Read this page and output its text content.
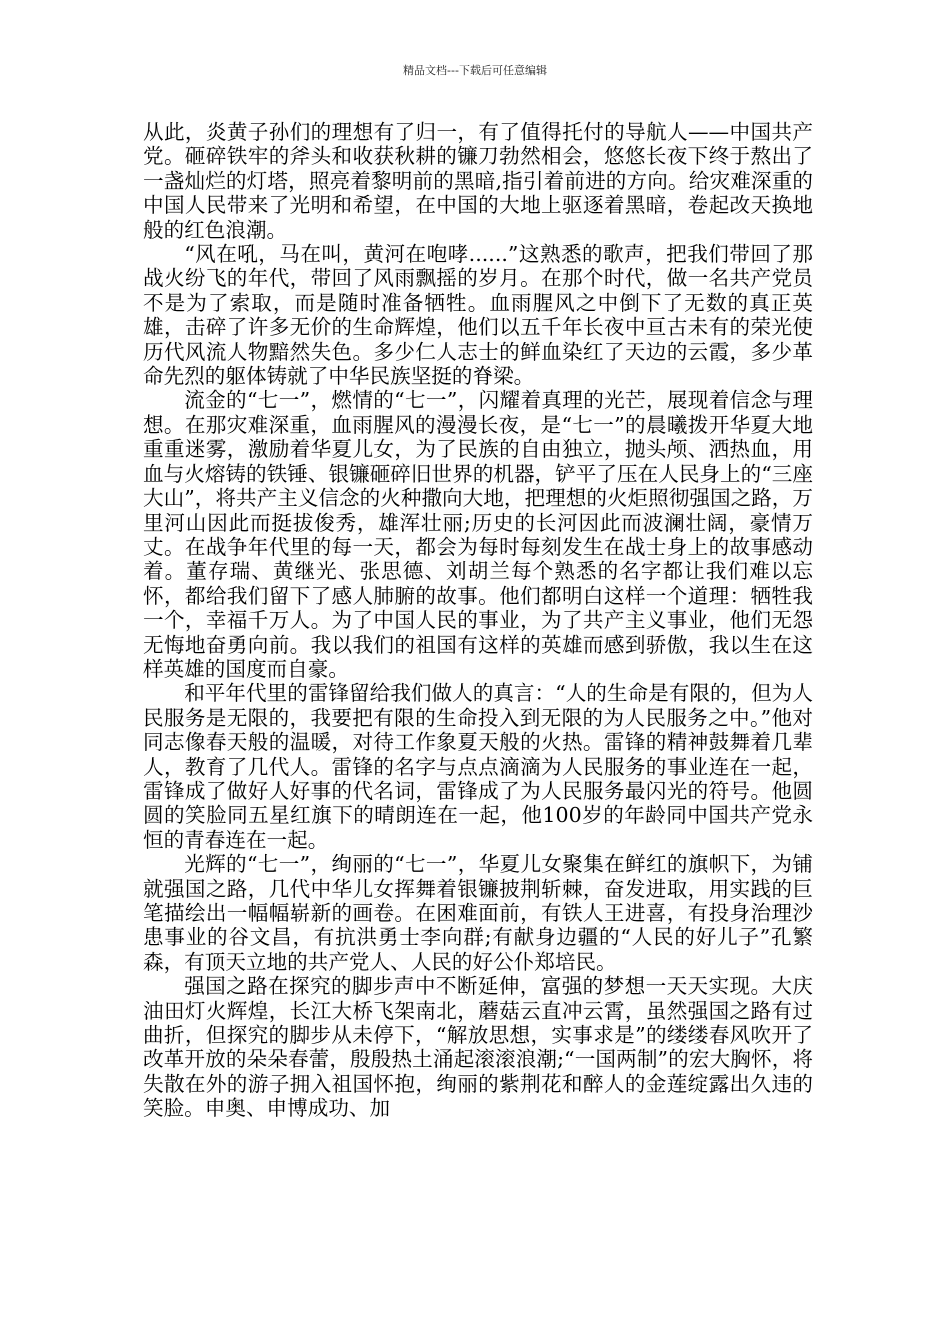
精品文档---下载后可任意编辑

从此，炎黄子孙们的理想有了归一，有了值得托付的导航人——中国共产党。砸碎铁牢的斧头和收获秋耕的镰刀勃然相会，悠悠长夜下终于熬出了一盏灿烂的灯塔，照亮着黎明前的黑暗,指引着前进的方向。给灾难深重的中国人民带来了光明和希望，在中国的大地上驱逐着黑暗，卷起改天换地般的红色浪潮。

“风在吼，马在叫，黄河在咆哮......”这熟悉的歌声，把我们带回了那战火纷飞的年代，带回了风雨飘摇的岁月。在那个时代，做一名共产党员不是为了索取，而是随时准备牺牲。血雨腥风之中倒下了无数的真正英雄，击碎了许多无价的生命辉煌，他们以五千年长夜中亘古未有的荣光使历代风流人物黯然失色。多少仁人志士的鲜血染红了天边的云霞，多少革命先烈的躯体铸就了中华民族坚挺的脊梁。

流金的“七一”，燃情的“七一”，闪耀着真理的光芒，展现着信念与理想。在那灾难深重，血雨腥风的漫漫长夜，是“七一”的晨曦拨开华夏大地重重迷雾，激励着华夏儿女，为了民族的自由独立，抛头颅、洒热血，用血与火熔铸的铁锤、银镰砸碎旧世界的机器，铲平了压在人民身上的“三座大山”，将共产主义信念的火种撒向大地，把理想的火炬照彻强国之路，万里河山因此而挺拔俊秀，雄浑壮丽;历史的长河因此而波澜壮阔，豪情万丈。在战争年代里的每一天，都会为每时每刻发生在战士身上的故事感动着。董存瑞、黄继光、张思德、刘胡兰每个熟悉的名字都让我们难以忘怀，都给我们留下了感人肺腑的故事。他们都明白这样一个道理：牺牲我一个，幸福千万人。为了中国人民的事业，为了共产主义事业，他们无怨无悔地奋勇向前。我以我们的祖国有这样的英雄而感到骄傲，我以生在这样英雄的国度而自豪。

和平年代里的雷锋留给我们做人的真言：“人的生命是有限的，但为人民服务是无限的，我要把有限的生命投入到无限的为人民服务之中。”他对同志像春天般的温暖，对待工作象夏天般的火热。雷锋的精神鼓舞着几辈人，教育了几代人。雷锋的名字与点点滴滴为人民服务的事业连在一起，雷锋成了做好人好事的代名词，雷锋成了为人民服务最闪光的符号。他圆圆的笑脸同五星红旗下的晴朗连在一起，他100岁的年龄同中国共产党永恒的青春连在一起。

光辉的“七一”，绚丽的“七一”，华夏儿女聚集在鲜红的旗帜下，为铺就强国之路，几代中华儿女挥舞着银镰披荆斩棘，奋发进取，用实践的巨笔描绘出一幅幅崭新的画卷。在困难面前，有铁人王进喜，有投身治理沙患事业的谷文昌，有抗洪勇士李向群;有献身边疆的“人民的好儿子”孔繁森，有顶天立地的共产党人、人民的好公仆郑培民。

强国之路在探究的脚步声中不断延伸，富强的梦想一天天实现。大庆油田灯火辉煌，长江大桥飞架南北，蘑菇云直冲云霄，虽然强国之路有过曲折，但探究的脚步从未停下，“解放思想，实事求是”的缕缕春风吹开了改革开放的朵朵春蕾，殷殷热土涌起滚滚浪潮;“一国两制”的宏大胸怀，将失散在外的游子拥入祖国怀抱，绚丽的紫荆花和醉人的金莲绽露出久违的笑脸。申奥、申博成功、加
